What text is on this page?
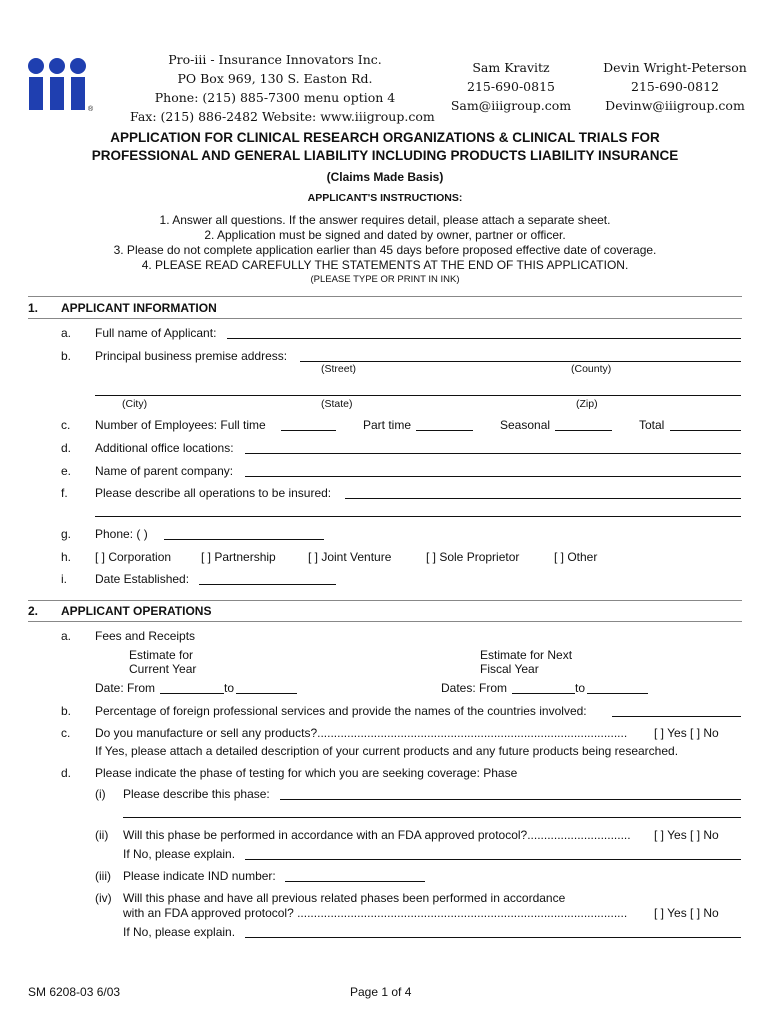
®
Pro-iii - Insurance Innovators Inc.
PO Box 969, 130 S. Easton Rd.
Phone: (215) 885-7300 menu option 4
Fax: (215) 886-2482 Website: www.iiigroup.com
Sam Kravitz
215-690-0815
Sam@iiigroup.com
Devin Wright-Peterson
215-690-0812
Devinw@iiigroup.com
APPLICATION FOR CLINICAL RESEARCH ORGANIZATIONS & CLINICAL TRIALS FOR
PROFESSIONAL AND GENERAL LIABILITY INCLUDING PRODUCTS LIABILITY INSURANCE
(Claims Made Basis)
APPLICANT'S INSTRUCTIONS:
1. Answer all questions. If the answer requires detail, please attach a separate sheet.
2. Application must be signed and dated by owner, partner or officer.
3. Please do not complete application earlier than 45 days before proposed effective date of coverage.
4. PLEASE READ CAREFULLY THE STATEMENTS AT THE END OF THIS APPLICATION.
(PLEASE TYPE OR PRINT IN INK)
1. APPLICANT INFORMATION
a. Full name of Applicant:
b. Principal business premise address:
(Street)	(County)
(City)	(State)	(Zip)
c. Number of Employees: Full time	Part time	Seasonal	Total
d. Additional office locations:
e. Name of parent company:
f. Please describe all operations to be insured:
g. Phone: ( )
h. [ ] Corporation [ ] Partnership	[ ] Joint Venture	[ ] Sole Proprietor	[ ] Other
i. Date Established:
2. APPLICANT OPERATIONS
a. Fees and Receipts
Estimate for
Current Year
Estimate for Next
Fiscal Year
Date: From	to	Dates: From	to
b. Percentage of foreign professional services and provide the names of the countries involved:
c. Do you manufacture or sell any products?.............................................................................................	[ ] Yes [ ] No
If Yes, please attach a detailed description of your current products and any future products being researched.
d. Please indicate the phase of testing for which you are seeking coverage: Phase
(i) Please describe this phase:
(ii) Will this phase be performed in accordance with an FDA approved protocol?...............................	[ ] Yes [ ] No
If No, please explain.
(iii) Please indicate IND number:
(iv) Will this phase and have all previous related phases been performed in accordance
with an FDA approved protocol? ...................................................................................................	[ ] Yes [ ] No
If No, please explain.
SM 6208-03 6/03	Page 1 of 4
